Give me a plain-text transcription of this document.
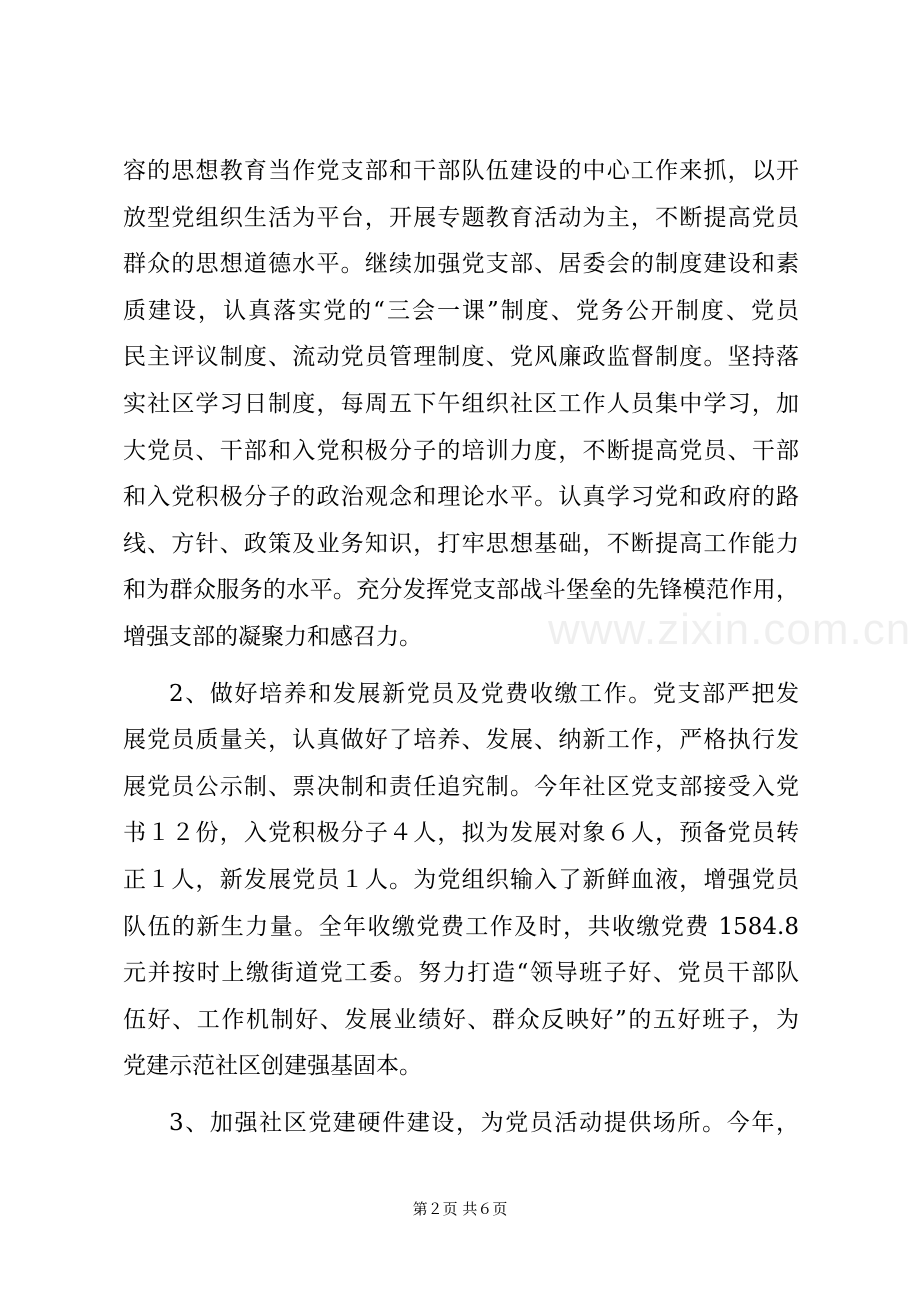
容的思想教育当作党支部和干部队伍建设的中心工作来抓，以开
放型党组织生活为平台，开展专题教育活动为主，不断提高党员
群众的思想道德水平。继续加强党支部、居委会的制度建设和素
质建设，认真落实党的“三会一课”制度、党务公开制度、党员
民主评议制度、流动党员管理制度、党风廉政监督制度。坚持落
实社区学习日制度，每周五下午组织社区工作人员集中学习，加
大党员、干部和入党积极分子的培训力度，不断提高党员、干部
和入党积极分子的政治观念和理论水平。认真学习党和政府的路
线、方针、政策及业务知识，打牢思想基础，不断提高工作能力
和为群众服务的水平。充分发挥党支部战斗堡垒的先锋模范作用，
增强支部的凝聚力和感召力。
2、做好培养和发展新党员及党费收缴工作。党支部严把发
展党员质量关，认真做好了培养、发展、纳新工作，严格执行发
展党员公示制、票决制和责任追究制。今年社区党支部接受入党
书１２份，入党积极分子４人，拟为发展对象６人，预备党员转
正１人，新发展党员１人。为党组织输入了新鲜血液，增强党员
队伍的新生力量。全年收缴党费工作及时，共收缴党费 1584.8
元并按时上缴街道党工委。努力打造“领导班子好、党员干部队
伍好、工作机制好、发展业绩好、群众反映好”的五好班子，为
党建示范社区创建强基固本。
3、加强社区党建硬件建设，为党员活动提供场所。今年，
www.zixin.com.cn
第２页 共６页
